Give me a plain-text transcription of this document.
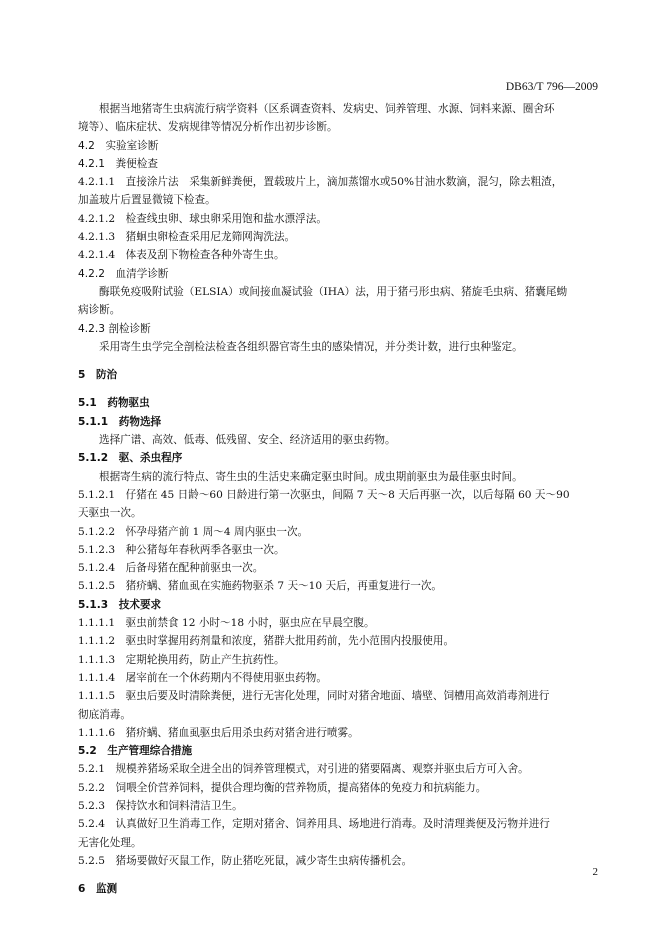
DB63/T 796—2009
根据当地猪寄生虫病流行病学资料（区系调查资料、发病史、饲养管理、水源、饲料来源、圈舍环
境等）、临床症状、发病规律等情况分析作出初步诊断。
4.2　实验室诊断
4.2.1　粪便检查
4.2.1.1　直接涂片法　采集新鲜粪便，置载玻片上，滴加蒸馏水或50%甘油水数滴，混匀，除去粗渣，
加盖玻片后置显微镜下检查。
4.2.1.2　检查线虫卵、球虫卵采用饱和盐水漂浮法。
4.2.1.3　猪蛔虫卵检查采用尼龙筛网淘洗法。
4.2.1.4　体表及刮下物检查各种外寄生虫。
4.2.2　血清学诊断
酶联免疫吸附试验（ELSIA）或间接血凝试验（IHA）法，用于猪弓形虫病、猪旋毛虫病、猪囊尾蚴
病诊断。
4.2.3 剖检诊断
采用寄生虫学完全剖检法检查各组织器官寄生虫的感染情况，并分类计数，进行虫种鉴定。
5　防治
5.1　药物驱虫
5.1.1　药物选择
选择广谱、高效、低毒、低残留、安全、经济适用的驱虫药物。
5.1.2　驱、杀虫程序
根据寄生病的流行特点、寄生虫的生活史来确定驱虫时间。成虫期前驱虫为最佳驱虫时间。
5.1.2.1　仔猪在 45 日龄～60 日龄进行第一次驱虫，间隔 7 天～8 天后再驱一次，以后每隔 60 天～90
天驱虫一次。
5.1.2.2　怀孕母猪产前 1 周～4 周内驱虫一次。
5.1.2.3　种公猪每年春秋两季各驱虫一次。
5.1.2.4　后备母猪在配种前驱虫一次。
5.1.2.5　猪疥螨、猪血虱在实施药物驱杀 7 天～10 天后，再重复进行一次。
5.1.3　技术要求
1.1.1.1　驱虫前禁食 12 小时～18 小时，驱虫应在早晨空腹。
1.1.1.2　驱虫时掌握用药剂量和浓度，猪群大批用药前，先小范围内投服使用。
1.1.1.3　定期轮换用药，防止产生抗药性。
1.1.1.4　屠宰前在一个休药期内不得使用驱虫药物。
1.1.1.5　驱虫后要及时清除粪便，进行无害化处理，同时对猪舍地面、墙壁、饲槽用高效消毒剂进行
彻底消毒。
1.1.1.6　猪疥螨、猪血虱驱虫后用杀虫药对猪舍进行喷雾。
5.2　生产管理综合措施
5.2.1　规模养猪场采取全进全出的饲养管理模式，对引进的猪要隔离、观察并驱虫后方可入舍。
5.2.2　饲喂全价营养饲料，提供合理均衡的营养物质，提高猪体的免疫力和抗病能力。
5.2.3　保持饮水和饲料清洁卫生。
5.2.4　认真做好卫生消毒工作，定期对猪舍、饲养用具、场地进行消毒。及时清理粪便及污物并进行
无害化处理。
5.2.5　猪场要做好灭鼠工作，防止猪吃死鼠，减少寄生虫病传播机会。
6　监测
2
